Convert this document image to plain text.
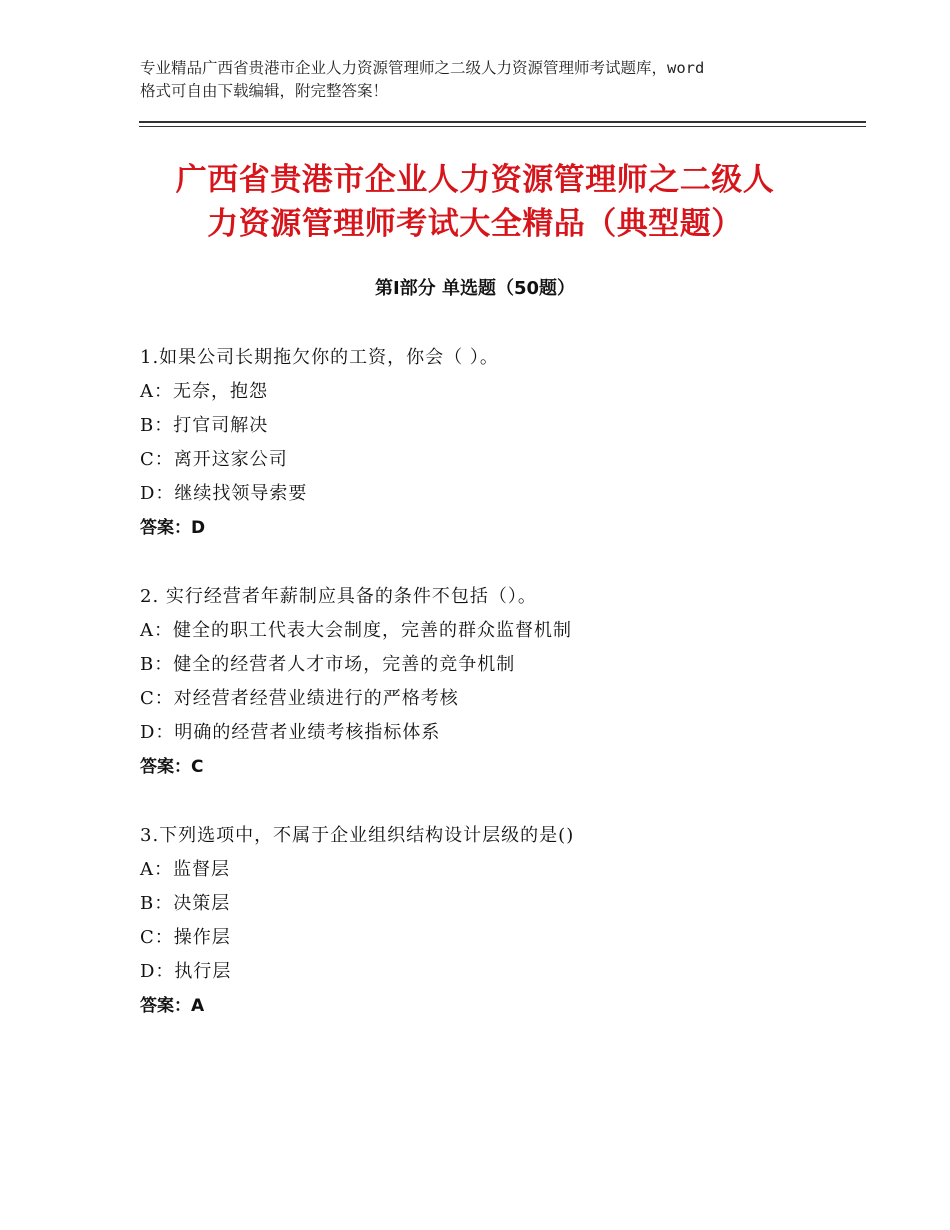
专业精品广西省贵港市企业人力资源管理师之二级人力资源管理师考试题库，word
格式可自由下载编辑，附完整答案！
广西省贵港市企业人力资源管理师之二级人
力资源管理师考试大全精品（典型题）
第Ⅰ部分 单选题（50题）
1.如果公司长期拖欠你的工资，你会（ ）。
A：无奈，抱怨
B：打官司解决
C：离开这家公司
D：继续找领导索要
答案：D
2. 实行经营者年薪制应具备的条件不包括（）。
A：健全的职工代表大会制度，完善的群众监督机制
B：健全的经营者人才市场，完善的竞争机制
C：对经营者经营业绩进行的严格考核
D：明确的经营者业绩考核指标体系
答案：C
3.下列选项中，不属于企业组织结构设计层级的是()
A：监督层
B：决策层
C：操作层
D：执行层
答案：A
